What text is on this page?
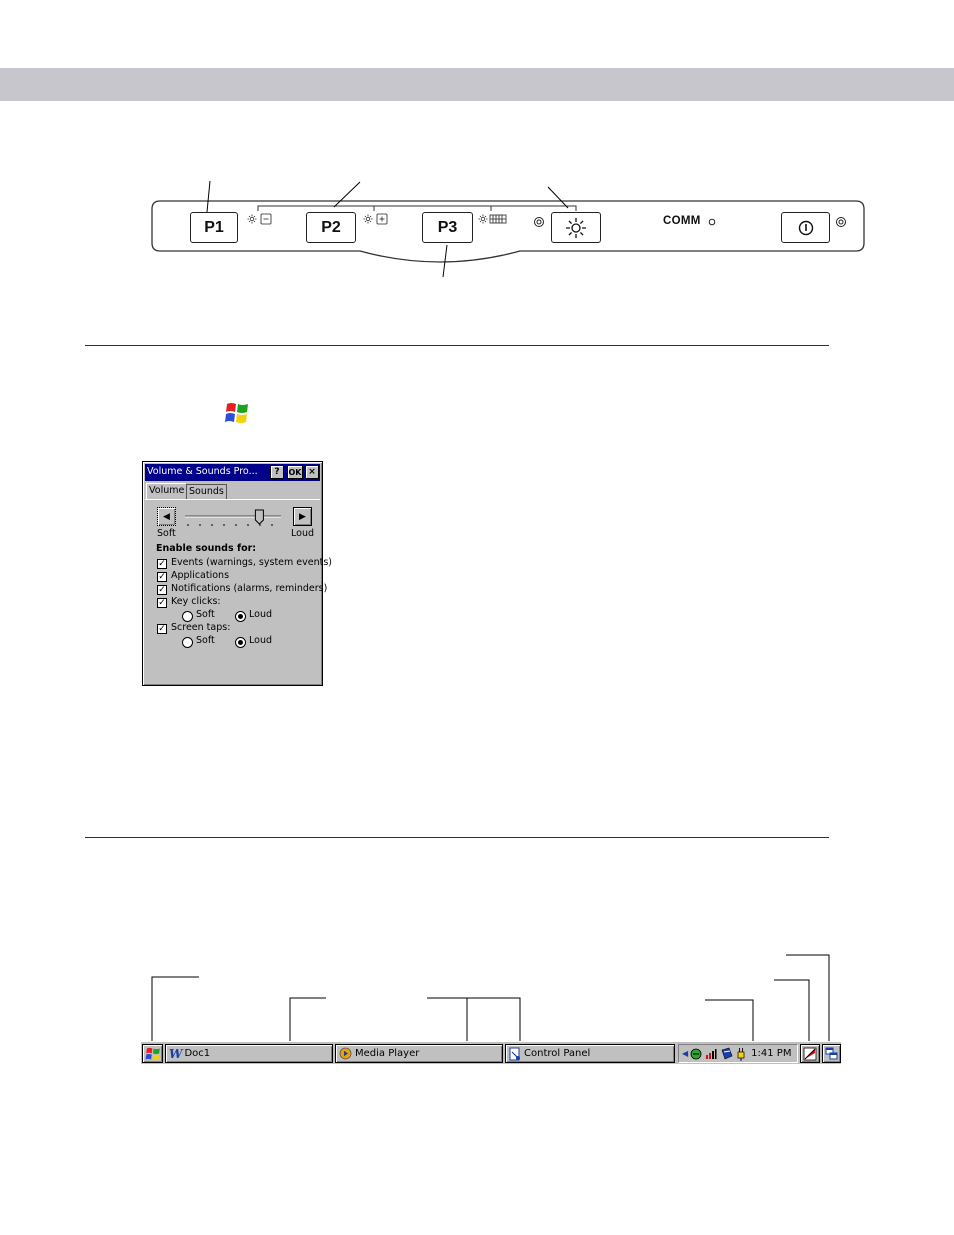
P1	P2	P3	COMM
Volume & Sounds Pro...	?	OK ×
Volume Sounds
◀	▶
Soft	Loud
Enable sounds for:
✓ Events (warnings, system events)
✓ Applications
✓ Notifications (alarms, reminders)
✓ Key clicks:
Soft	Loud
✓ Screen taps:
Soft	Loud
W Doc1	Media Player	Control Panel	◀	1:41 PM
